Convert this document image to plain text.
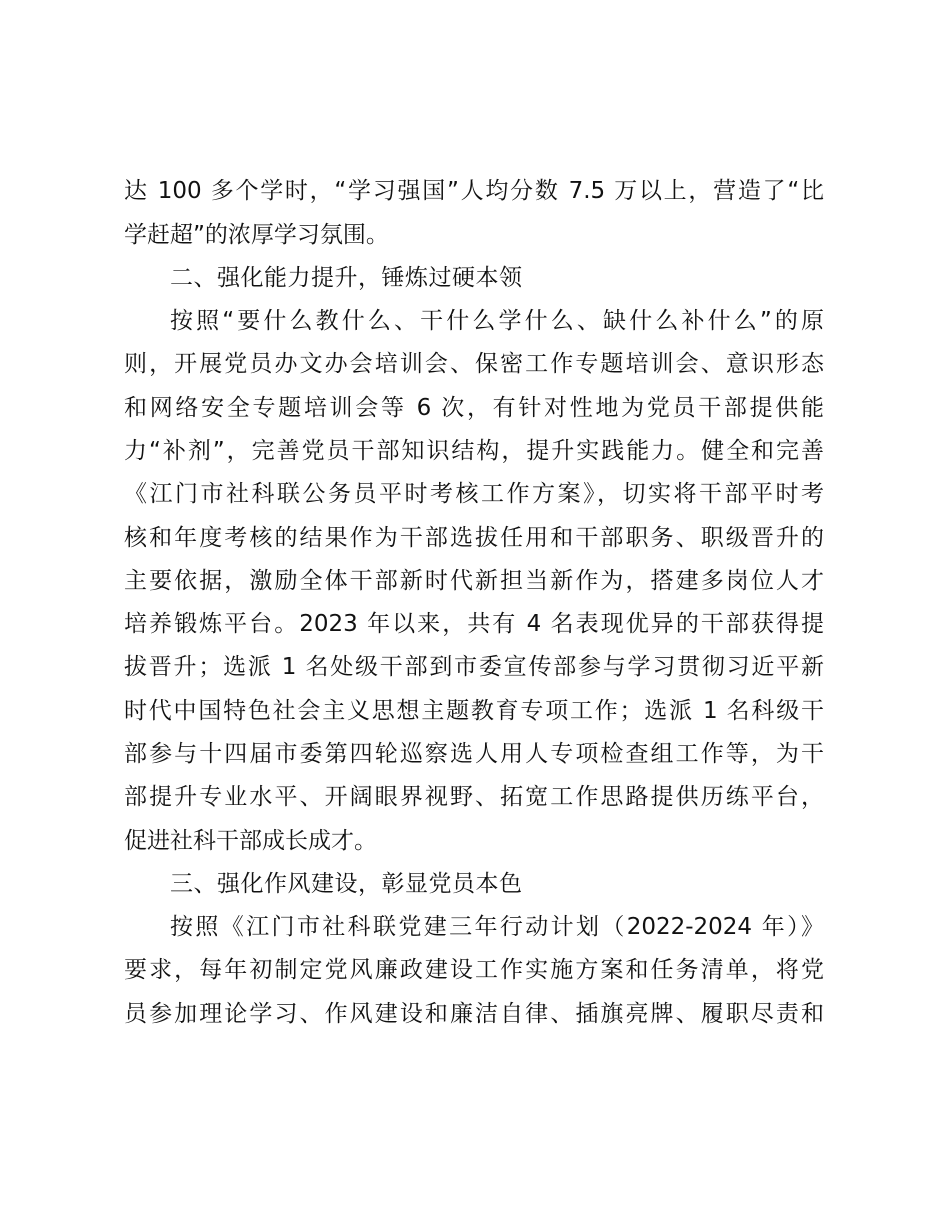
达 100 多个学时，“学习强国”人均分数 7.5 万以上，营造了“比
学赶超”的浓厚学习氛围。
二、强化能力提升，锤炼过硬本领
按照“要什么教什么、干什么学什么、缺什么补什么”的原
则，开展党员办文办会培训会、保密工作专题培训会、意识形态
和网络安全专题培训会等 6 次，有针对性地为党员干部提供能
力“补剂”，完善党员干部知识结构，提升实践能力。健全和完善
《江门市社科联公务员平时考核工作方案》，切实将干部平时考
核和年度考核的结果作为干部选拔任用和干部职务、职级晋升的
主要依据，激励全体干部新时代新担当新作为，搭建多岗位人才
培养锻炼平台。2023 年以来，共有 4 名表现优异的干部获得提
拔晋升；选派 1 名处级干部到市委宣传部参与学习贯彻习近平新
时代中国特色社会主义思想主题教育专项工作；选派 1 名科级干
部参与十四届市委第四轮巡察选人用人专项检查组工作等，为干
部提升专业水平、开阔眼界视野、拓宽工作思路提供历练平台，
促进社科干部成长成才。
三、强化作风建设，彰显党员本色
按照《江门市社科联党建三年行动计划（2022-2024 年）》
要求，每年初制定党风廉政建设工作实施方案和任务清单，将党
员参加理论学习、作风建设和廉洁自律、插旗亮牌、履职尽责和
